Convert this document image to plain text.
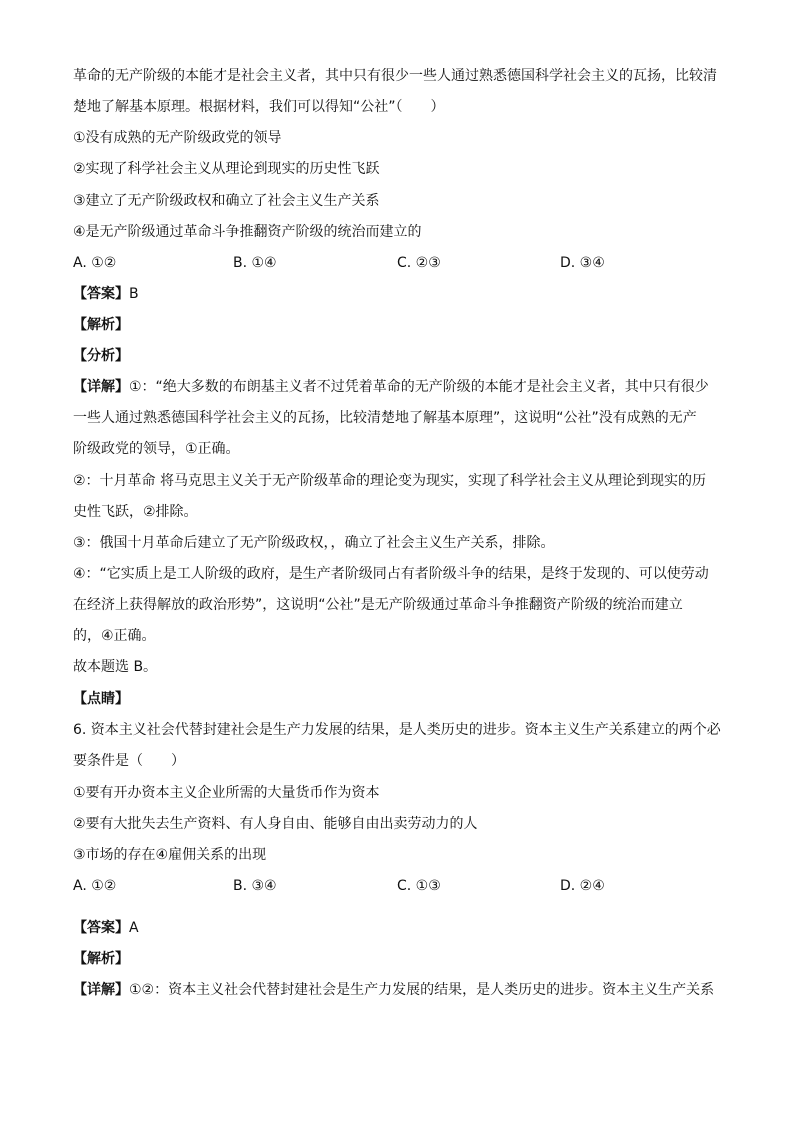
革命的无产阶级的本能才是社会主义者，其中只有很少一些人通过熟悉德国科学社会主义的瓦扬，比较清
楚地了解基本原理。根据材料，我们可以得知“公社”（　　）
①没有成熟的无产阶级政党的领导
②实现了科学社会主义从理论到现实的历史性飞跃
③建立了无产阶级政权和确立了社会主义生产关系
④是无产阶级通过革命斗争推翻资产阶级的统治而建立的
A. ①②	B. ①④	C. ②③	D. ③④
【答案】B
【解析】
【分析】
【详解】①：“绝大多数的布朗基主义者不过凭着革命的无产阶级的本能才是社会主义者，其中只有很少
一些人通过熟悉德国科学社会主义的瓦扬，比较清楚地了解基本原理”，这说明“公社”没有成熟的无产
阶级政党的领导，①正确。
②：十月革命 将马克思主义关于无产阶级革命的理论变为现实，实现了科学社会主义从理论到现实的历
史性飞跃，②排除。
③：俄国十月革命后建立了无产阶级政权，，确立了社会主义生产关系，排除。
④：“它实质上是工人阶级的政府，是生产者阶级同占有者阶级斗争的结果，是终于发现的、可以使劳动
在经济上获得解放的政治形势”，这说明“公社”是无产阶级通过革命斗争推翻资产阶级的统治而建立
的，④正确。
故本题选 B。
【点睛】
6. 资本主义社会代替封建社会是生产力发展的结果，是人类历史的进步。资本主义生产关系建立的两个必
要条件是（　　）
①要有开办资本主义企业所需的大量货币作为资本
②要有大批失去生产资料、有人身自由、能够自由出卖劳动力的人
③市场的存在④雇佣关系的出现
A. ①②	B. ③④	C. ①③	D. ②④
【答案】A
【解析】
【详解】①②：资本主义社会代替封建社会是生产力发展的结果，是人类历史的进步。资本主义生产关系
